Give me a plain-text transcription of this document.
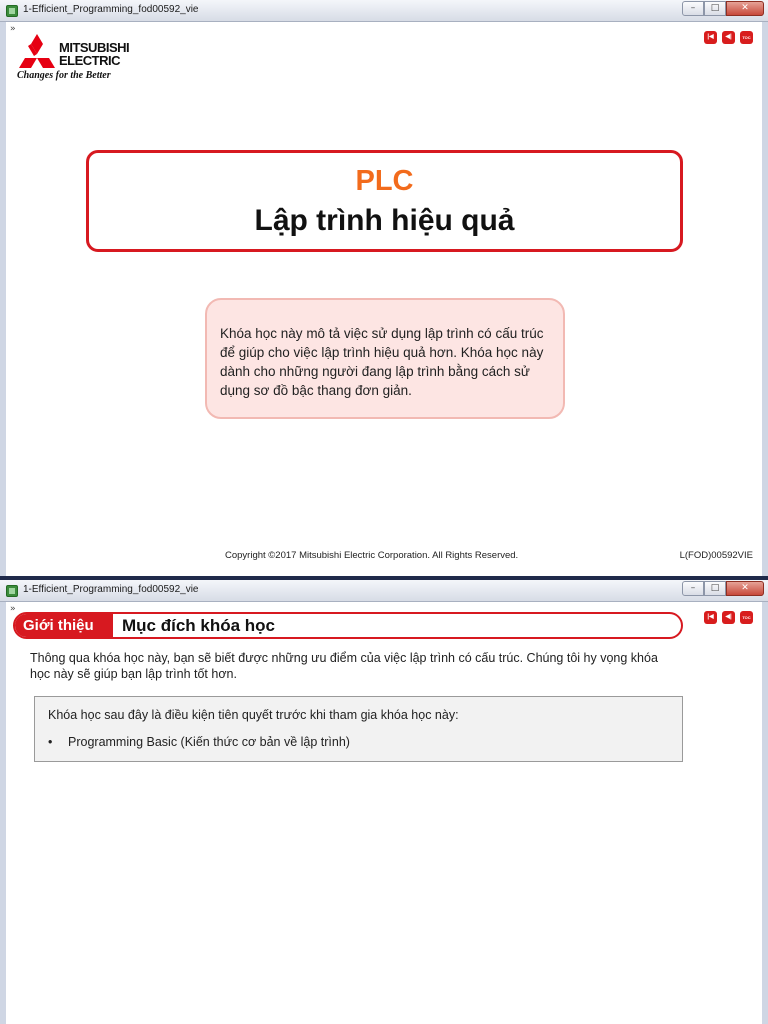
1-Efficient_Programming_fod00592_vie	–	□	✕
»
|◀	◀|	TOC
MITSUBISHI
ELECTRIC
Changes for the Better
PLC
Lập trình hiệu quả

Khóa học này mô tả việc sử dụng lập trình có cấu trúc để giúp cho việc lập trình hiệu quả hơn. Khóa học này dành cho những người đang lập trình bằng cách sử dụng sơ đồ bậc thang đơn giản.

Copyright ©2017 Mitsubishi Electric Corporation. All Rights Reserved.	L(FOD)00592VIE
1-Efficient_Programming_fod00592_vie	–	□	✕
»
|◀	◀|	TOC
Giới thiệu	Mục đích khóa học

Thông qua khóa học này, bạn sẽ biết được những ưu điểm của việc lập trình có cấu trúc. Chúng tôi hy vọng khóa học này sẽ giúp bạn lập trình tốt hơn.

Khóa học sau đây là điều kiện tiên quyết trước khi tham gia khóa học này:
• Programming Basic (Kiến thức cơ bản về lập trình)
